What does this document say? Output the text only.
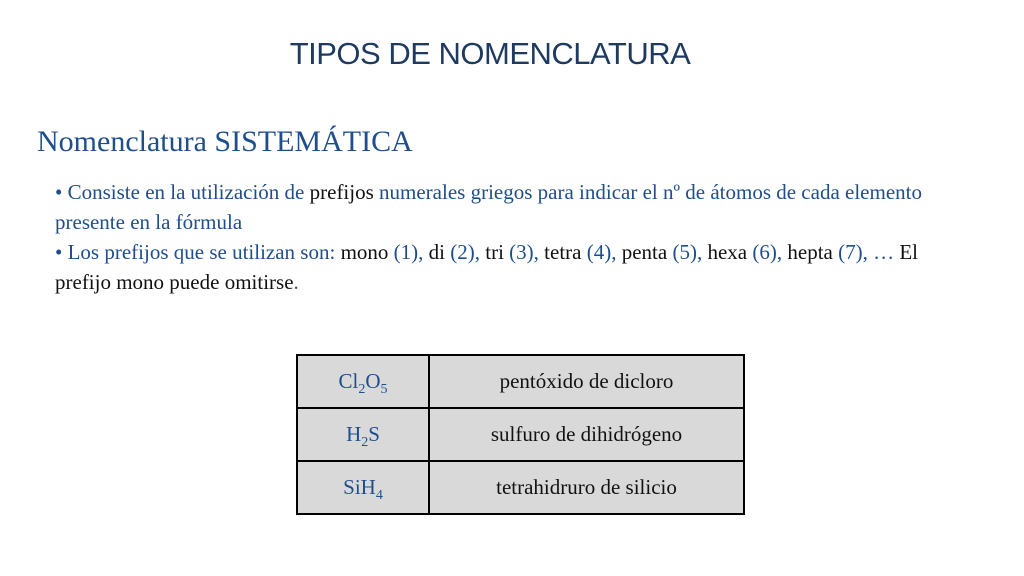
TIPOS DE NOMENCLATURA
Nomenclatura SISTEMÁTICA

• Consiste en la utilización de prefijos numerales griegos para indicar el nº de átomos de cada elemento presente en la fórmula

• Los prefijos que se utilizan son: mono (1), di (2), tri (3), tetra (4), penta (5), hexa (6), hepta (7), … El prefijo mono puede omitirse.

$Cl_2O_5$	pentóxido de dicloro
$H_2S$	sulfuro de dihidrógeno
SiH$_4$	tetrahidruro de silicio
